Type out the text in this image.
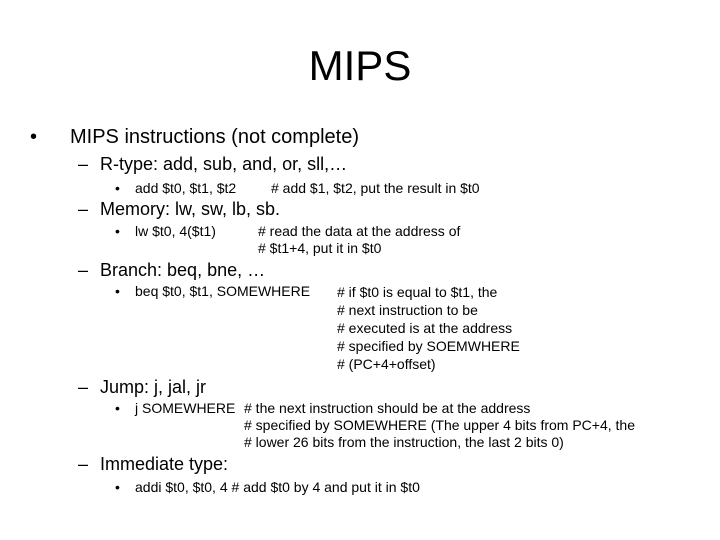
MIPS
• MIPS instructions (not complete)
– R-type: add, sub, and, or, sll,…
• add $t0, $t1, $t2 # add $1, $t2, put the result in $t0
– Memory: lw, sw, lb, sb.
• lw $t0, 4($t1)	# read the data at the address of
# $t1+4, put it in $t0
– Branch: beq, bne, …
• beq $t0, $t1, SOMEWHERE # if $t0 is equal to $t1, the
# next instruction to be
# executed is at the address
# specified by SOEMWHERE
# (PC+4+offset)
– Jump: j, jal, jr
• j SOMEWHERE # the next instruction should be at the address
# specified by SOMEWHERE (The upper 4 bits from PC+4, the
# lower 26 bits from the instruction, the last 2 bits 0)
– Immediate type:
• addi $t0, $t0, 4 # add $t0 by 4 and put it in $t0
